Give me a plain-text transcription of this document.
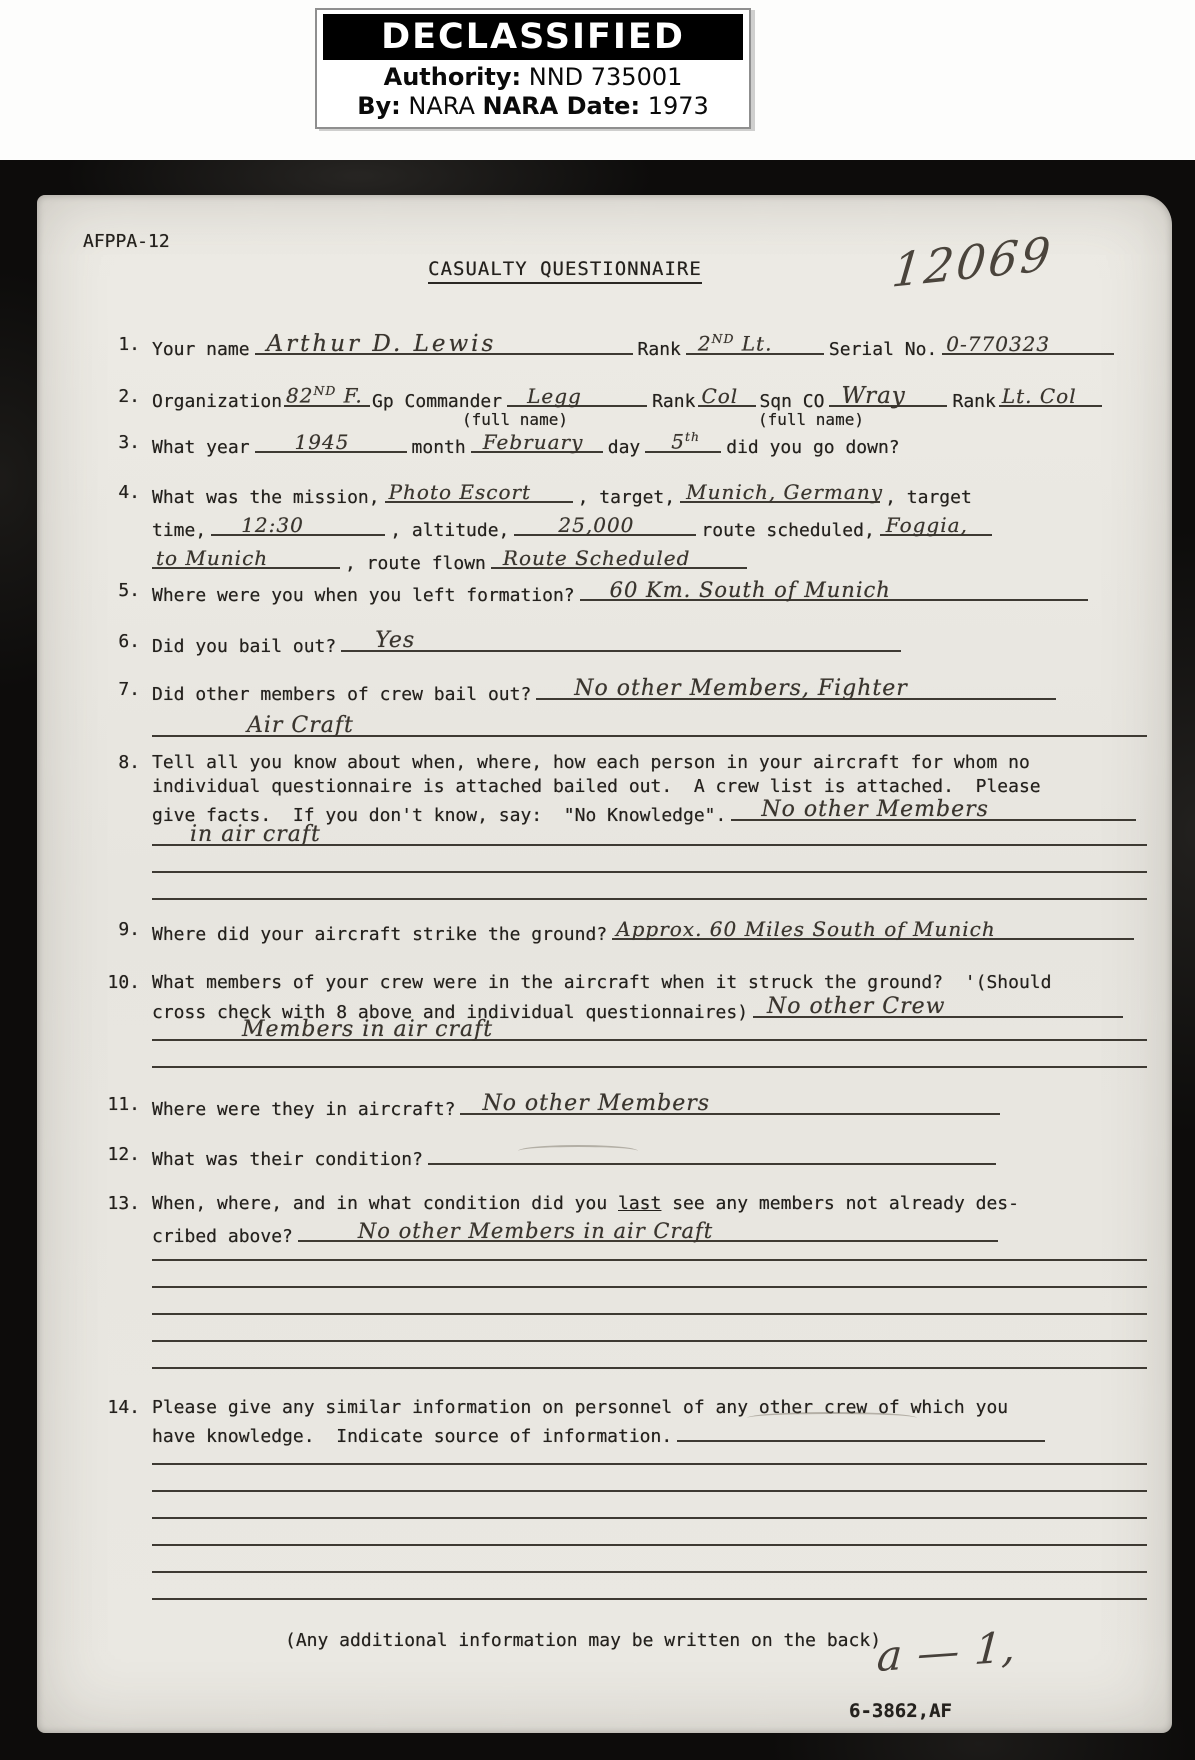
DECLASSIFIED
Authority: NND 735001
By: NARA NARA Date: 1973
AFPPA-12
CASUALTY QUESTIONNAIRE	12069
1. Your name Arthur D. Lewis	Rank 2ND Lt.	Serial No. 0-770323
2. Organization 82ND F. Gp Commander Legg	Rank Col Sqn CO Wray	Rank Lt. Col
(full name)	(full name)
3. What year 1945	month February day 5th
did you go down?
4. What was the mission, Photo Escort	, target, Munich, Germany , target
time, 12:30	, altitude, 25,000	route scheduled, Foggia,
to Munich	, route flown Route Scheduled
5. Where were you when you left formation? 60 Km. South of Munich
6. Did you bail out? Yes
7. Did other members of crew bail out? No other Members, Fighter
Air Craft
8. Tell all you know about when, where, how each person in your aircraft for whom no
individual questionnaire is attached bailed out.  A crew list is attached.  Please
give facts.  If you don't know, say:  "No Knowledge". No other Members
in air craft
9. Where did your aircraft strike the ground? Approx. 60 Miles South of Munich
10. What members of your crew were in the aircraft when it struck the ground?  '(Should
cross check with 8 above and individual questionnaires) No other Crew
Members in air craft
11. Where were they in aircraft? No other Members
12. What was their condition?
13. When, where, and in what condition did you last see any members not already des-
cribed above?	No other Members in air Craft
14. Please give any similar information on personnel of any other crew of which you
have knowledge.  Indicate source of information.
(Any additional information may be written on the back)
a — 1,
6-3862,AF
